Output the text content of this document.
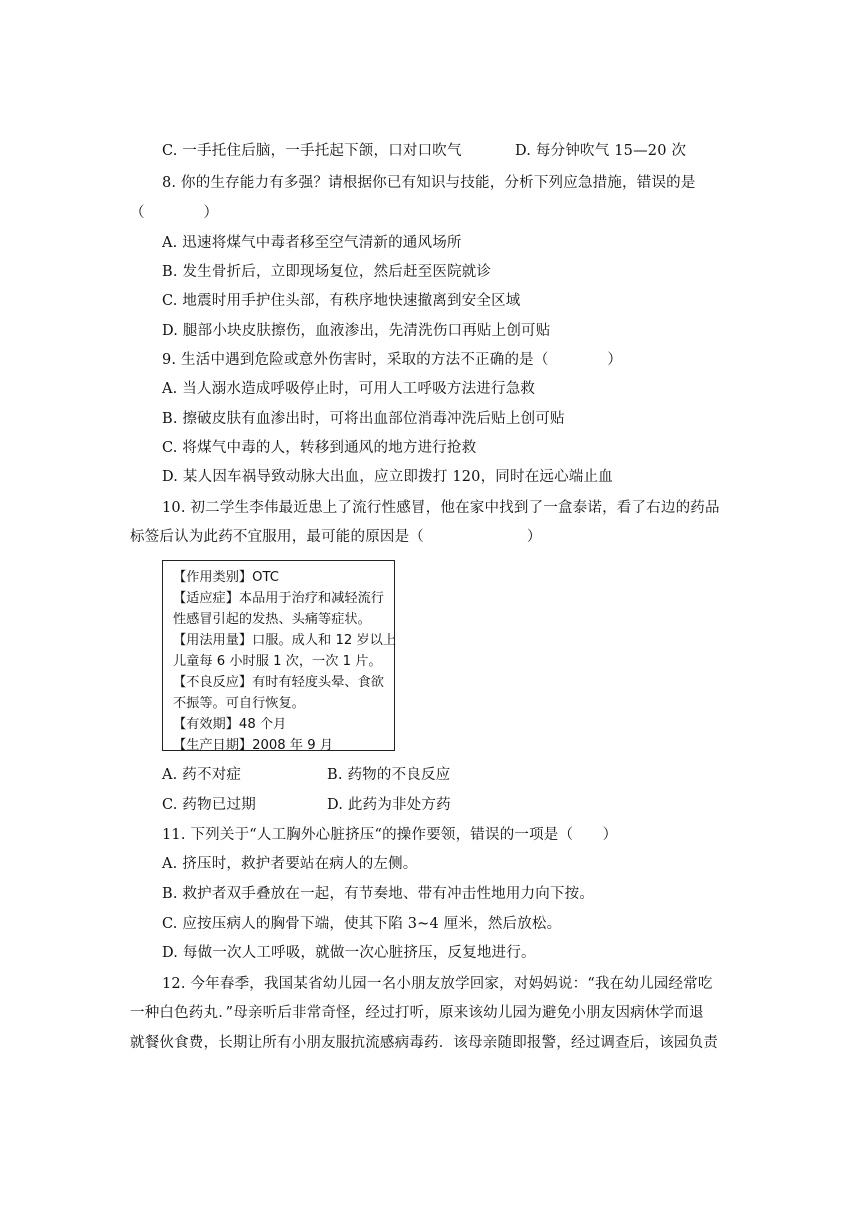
C. 一手托住后脑，一手托起下颌，口对口吹气	D. 每分钟吹气 15—20 次
8. 你的生存能力有多强？请根据你已有知识与技能，分析下列应急措施，错误的是
（　　　　）
A. 迅速将煤气中毒者移至空气清新的通风场所
B. 发生骨折后，立即现场复位，然后赶至医院就诊
C. 地震时用手护住头部，有秩序地快速撤离到安全区域
D. 腿部小块皮肤擦伤，血液渗出，先清洗伤口再贴上创可贴
9. 生活中遇到危险或意外伤害时，采取的方法不正确的是（　　　　）
A. 当人溺水造成呼吸停止时，可用人工呼吸方法进行急救
B. 擦破皮肤有血渗出时，可将出血部位消毒冲洗后贴上创可贴
C. 将煤气中毒的人，转移到通风的地方进行抢救
D. 某人因车祸导致动脉大出血，应立即拨打 120，同时在远心端止血
10. 初二学生李伟最近患上了流行性感冒，他在家中找到了一盒泰诺，看了右边的药品
标签后认为此药不宜服用，最可能的原因是（　　　　　　　）
【作用类别】OTC
【适应症】本品用于治疗和减轻流行
性感冒引起的发热、头痛等症状。
【用法用量】口服。成人和 12 岁以上
儿童每 6 小时服 1 次，一次 1 片。
【不良反应】有时有轻度头晕、食欲
不振等。可自行恢复。
【有效期】48 个月
【生产日期】2008 年 9 月
A. 药不对症	B. 药物的不良反应
C. 药物已过期	D. 此药为非处方药
11. 下列关于“人工胸外心脏挤压“的操作要领，错误的一项是（　　）
A. 挤压时，救护者要站在病人的左侧。
B. 救护者双手叠放在一起，有节奏地、带有冲击性地用力向下按。
C. 应按压病人的胸骨下端，使其下陷 3~4 厘米，然后放松。
D. 每做一次人工呼吸，就做一次心脏挤压，反复地进行。
12. 今年春季，我国某省幼儿园一名小朋友放学回家，对妈妈说：“我在幼儿园经常吃
一种白色药丸．”母亲听后非常奇怪，经过打听，原来该幼儿园为避免小朋友因病休学而退
就餐伙食费，长期让所有小朋友服抗流感病毒药．该母亲随即报警，经过调查后，该园负责
